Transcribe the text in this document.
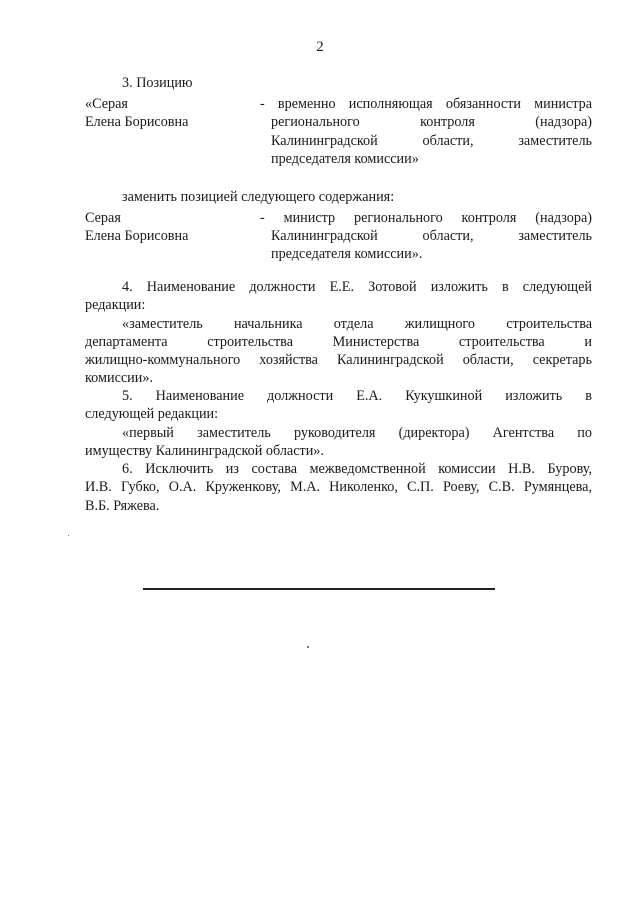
2
3. Позицию
«Серая
Елена Борисовна
- временно исполняющая обязанности министра
регионального контроля (надзора)
Калининградской области, заместитель
председателя комиссии»
заменить позицией следующего содержания:
Серая
Елена Борисовна
- министр регионального контроля (надзора)
Калининградской области, заместитель
председателя комиссии».
4. Наименование должности Е.Е. Зотовой изложить в следующей
редакции:
«заместитель начальника отдела жилищного строительства
департамента строительства Министерства строительства и
жилищно-коммунального хозяйства Калининградской области, секретарь
комиссии».
5. Наименование должности Е.А. Кукушкиной изложить в
следующей редакции:
«первый заместитель руководителя (директора) Агентства по
имуществу Калининградской области».
6. Исключить из состава межведомственной комиссии Н.В. Бурову,
И.В. Губко, О.А. Круженкову, М.А. Николенко, С.П. Роеву, С.В. Румянцева,
В.Б. Ряжева.
